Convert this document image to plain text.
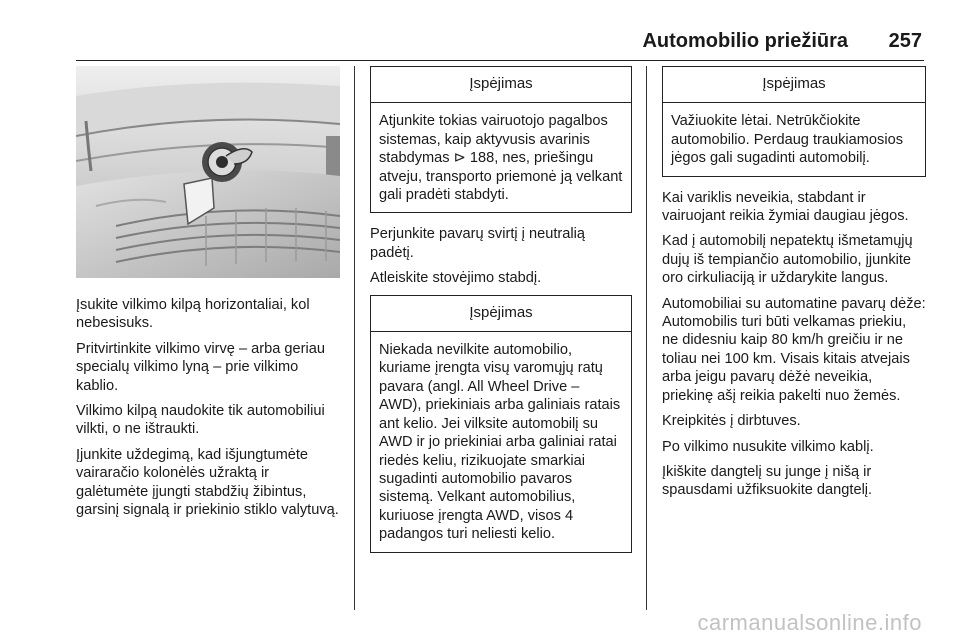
Automobilio priežiūra 257

Įsukite vilkimo kilpą horizontaliai, kol nebesisuks.

Pritvirtinkite vilkimo virvę – arba geriau specialų vilkimo lyną – prie vilkimo kablio.

Vilkimo kilpą naudokite tik automobiliui vilkti, o ne ištraukti.

Įjunkite uždegimą, kad išjungtumėte vairaračio kolonėlės užraktą ir galėtumėte įjungti stabdžių žibintus, garsinį signalą ir priekinio stiklo valytuvą.

Įspėjimas
Atjunkite tokias vairuotojo pagalbos sistemas, kaip aktyvusis avarinis stabdymas ⊳ 188, nes, priešingu atveju, transporto priemonė ją velkant gali pradėti stabdyti.

Perjunkite pavarų svirtį į neutralią padėtį.

Atleiskite stovėjimo stabdį.

Įspėjimas
Niekada nevilkite automobilio, kuriame įrengta visų varomųjų ratų pavara (angl. All Wheel Drive – AWD), priekiniais arba galiniais ratais ant kelio. Jei vilksite automobilį su AWD ir jo priekiniai arba galiniai ratai riedės keliu, rizikuojate smarkiai sugadinti automobilio pavaros sistemą. Velkant automobilius, kuriuose įrengta AWD, visos 4 padangos turi neliesti kelio.
Įspėjimas
Važiuokite lėtai. Netrūkčiokite automobilio. Perdaug traukiamosios jėgos gali sugadinti automobilį.

Kai variklis neveikia, stabdant ir vairuojant reikia žymiai daugiau jėgos.

Kad į automobilį nepatektų išmetamųjų dujų iš tempiančio automobilio, įjunkite oro cirkuliaciją ir uždarykite langus.

Automobiliai su automatine pavarų dėže: Automobilis turi būti velkamas priekiu, ne didesniu kaip 80 km/h greičiu ir ne toliau nei 100 km. Visais kitais atvejais arba jeigu pavarų dėžė neveikia, priekinę ašį reikia pakelti nuo žemės.

Kreipkitės į dirbtuves.

Po vilkimo nusukite vilkimo kablį.

Įkiškite dangtelį su junge į nišą ir spausdami užfiksuokite dangtelį.

carmanualsonline.info
